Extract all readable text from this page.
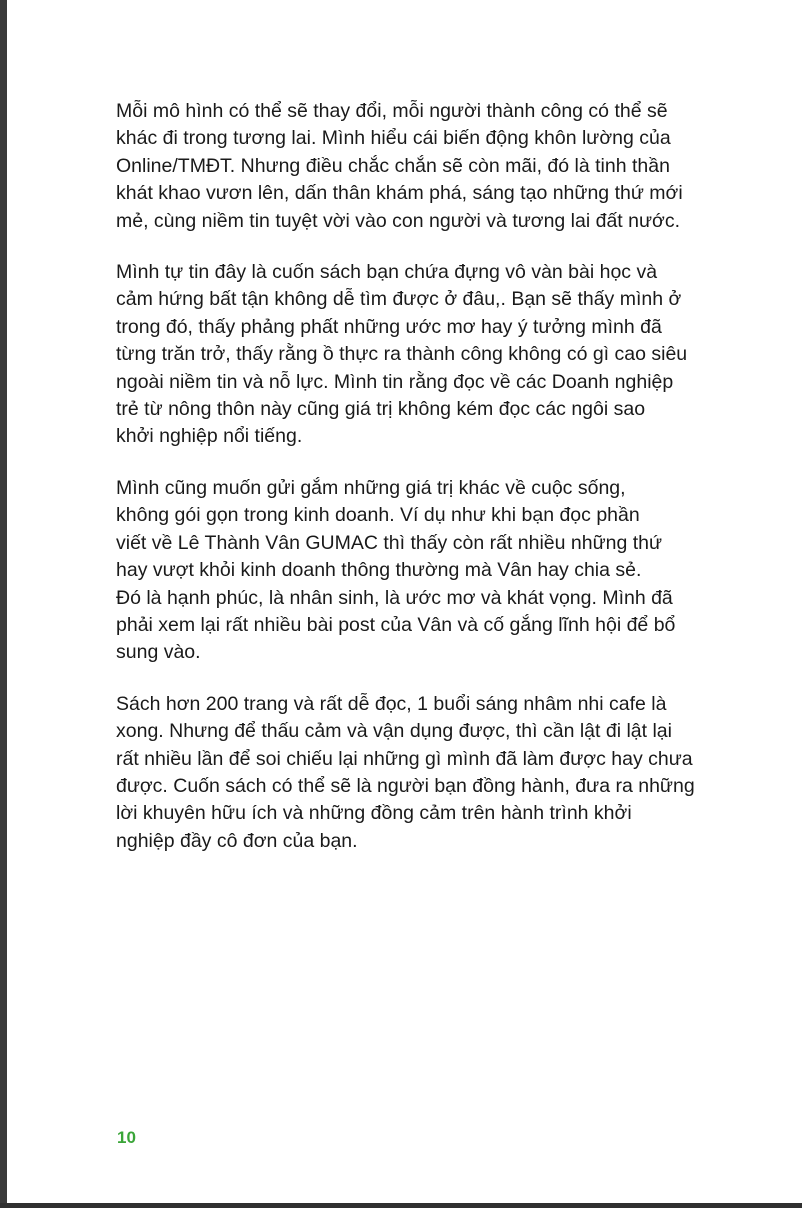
Mỗi mô hình có thể sẽ thay đổi, mỗi người thành công có thể sẽ
khác đi trong tương lai. Mình hiểu cái biến động khôn lường của
Online/TMĐT. Nhưng điều chắc chắn sẽ còn mãi, đó là tinh thần
khát khao vươn lên, dấn thân khám phá, sáng tạo những thứ mới
mẻ, cùng niềm tin tuyệt vời vào con người và tương lai đất nước.

Mình tự tin đây là cuốn sách bạn chứa đựng vô vàn bài học và
cảm hứng bất tận không dễ tìm được ở đâu,. Bạn sẽ thấy mình ở
trong đó, thấy phảng phất những ước mơ hay ý tưởng mình đã
từng trăn trở, thấy rằng ồ thực ra thành công không có gì cao siêu
ngoài niềm tin và nỗ lực. Mình tin rằng đọc về các Doanh nghiệp
trẻ từ nông thôn này cũng giá trị không kém đọc các ngôi sao
khởi nghiệp nổi tiếng.

Mình cũng muốn gửi gắm những giá trị khác về cuộc sống,
không gói gọn trong kinh doanh. Ví dụ như khi bạn đọc phần
viết về Lê Thành Vân GUMAC thì thấy còn rất nhiều những thứ
hay vượt khỏi kinh doanh thông thường mà Vân hay chia sẻ.
Đó là hạnh phúc, là nhân sinh, là ước mơ và khát vọng. Mình đã
phải xem lại rất nhiều bài post của Vân và cố gắng lĩnh hội để bổ
sung vào.

Sách hơn 200 trang và rất dễ đọc, 1 buổi sáng nhâm nhi cafe là
xong. Nhưng để thấu cảm và vận dụng được, thì cần lật đi lật lại
rất nhiều lần để soi chiếu lại những gì mình đã làm được hay chưa
được. Cuốn sách có thể sẽ là người bạn đồng hành, đưa ra những
lời khuyên hữu ích và những đồng cảm trên hành trình khởi
nghiệp đầy cô đơn của bạn.

10
